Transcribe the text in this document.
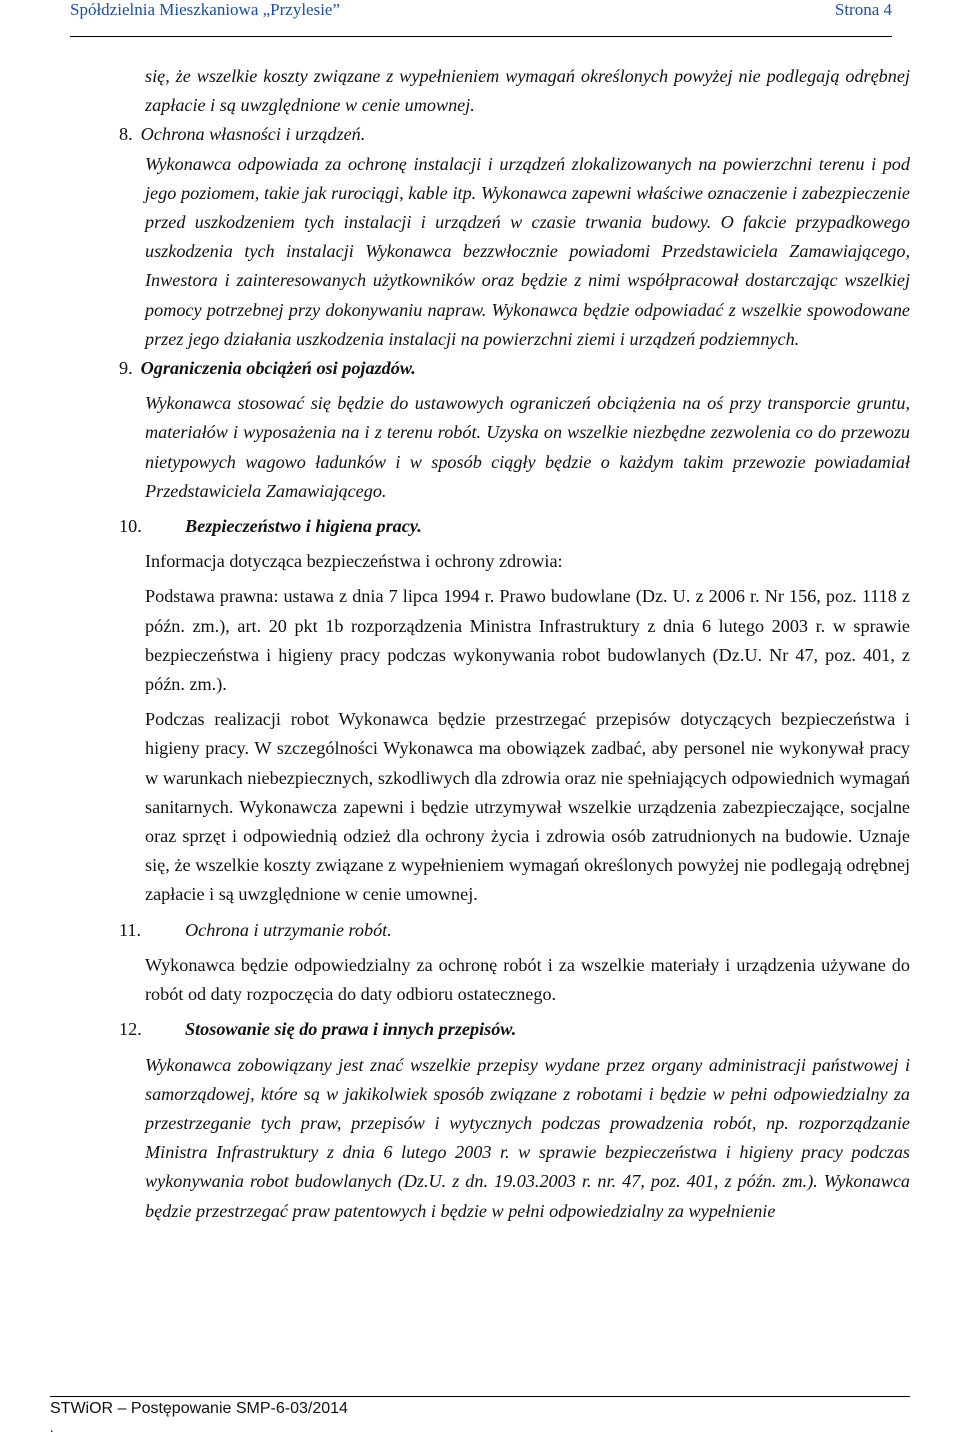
Spółdzielnia Mieszkaniowa „Przylesie”	Strona 4

się, że wszelkie koszty związane z wypełnieniem wymagań określonych powyżej nie podlegają odrębnej zapłacie i są uwzględnione w cenie umownej.

8. Ochrona własności i urządzeń.

Wykonawca odpowiada za ochronę instalacji i urządzeń zlokalizowanych na powierzchni terenu i pod jego poziomem, takie jak rurociągi, kable itp. Wykonawca zapewni właściwe oznaczenie i zabezpieczenie przed uszkodzeniem tych instalacji i urządzeń w czasie trwania budowy. O fakcie przypadkowego uszkodzenia tych instalacji Wykonawca bezzwłocznie powiadomi Przedstawiciela Zamawiającego, Inwestora i zainteresowanych użytkowników oraz będzie z nimi współpracował dostarczając wszelkiej pomocy potrzebnej przy dokonywaniu napraw. Wykonawca będzie odpowiadać z wszelkie spowodowane przez jego działania uszkodzenia instalacji na powierzchni ziemi i urządzeń podziemnych.

9. Ograniczenia obciążeń osi pojazdów.

Wykonawca stosować się będzie do ustawowych ograniczeń obciążenia na oś przy transporcie gruntu, materiałów i wyposażenia na i z terenu robót. Uzyska on wszelkie niezbędne zezwolenia co do przewozu nietypowych wagowo ładunków i w sposób ciągły będzie o każdym takim przewozie powiadamiał Przedstawiciela Zamawiającego.

10.	Bezpieczeństwo i higiena pracy.

Informacja dotycząca bezpieczeństwa i ochrony zdrowia:

Podstawa prawna: ustawa z dnia 7 lipca 1994 r. Prawo budowlane (Dz. U. z 2006 r. Nr 156, poz. 1118 z późn. zm.), art. 20 pkt 1b rozporządzenia Ministra Infrastruktury z dnia 6 lutego 2003 r. w sprawie bezpieczeństwa i higieny pracy podczas wykonywania robot budowlanych (Dz.U. Nr 47, poz. 401, z późn. zm.).

Podczas realizacji robot Wykonawca będzie przestrzegać przepisów dotyczących bezpieczeństwa i higieny pracy. W szczególności Wykonawca ma obowiązek zadbać, aby personel nie wykonywał pracy w warunkach niebezpiecznych, szkodliwych dla zdrowia oraz nie spełniających odpowiednich wymagań sanitarnych. Wykonawcza zapewni i będzie utrzymywał wszelkie urządzenia zabezpieczające, socjalne oraz sprzęt i odpowiednią odzież dla ochrony życia i zdrowia osób zatrudnionych na budowie. Uznaje się, że wszelkie koszty związane z wypełnieniem wymagań określonych powyżej nie podlegają odrębnej zapłacie i są uwzględnione w cenie umownej.

11.	Ochrona i utrzymanie robót.

Wykonawca będzie odpowiedzialny za ochronę robót i za wszelkie materiały i urządzenia używane do robót od daty rozpoczęcia do daty odbioru ostatecznego.

12.	Stosowanie się do prawa i innych przepisów.

Wykonawca zobowiązany jest znać wszelkie przepisy wydane przez organy administracji państwowej i samorządowej, które są w jakikolwiek sposób związane z robotami i będzie w pełni odpowiedzialny za przestrzeganie tych praw, przepisów i wytycznych podczas prowadzenia robót, np. rozporządzanie Ministra Infrastruktury z dnia 6 lutego 2003 r. w sprawie bezpieczeństwa i higieny pracy podczas wykonywania robot budowlanych (Dz.U. z dn. 19.03.2003 r. nr. 47, poz. 401, z późn. zm.). Wykonawca będzie przestrzegać praw patentowych i będzie w pełni odpowiedzialny za wypełnienie

STWiOR – Postępowanie SMP-6-03/2014
.
